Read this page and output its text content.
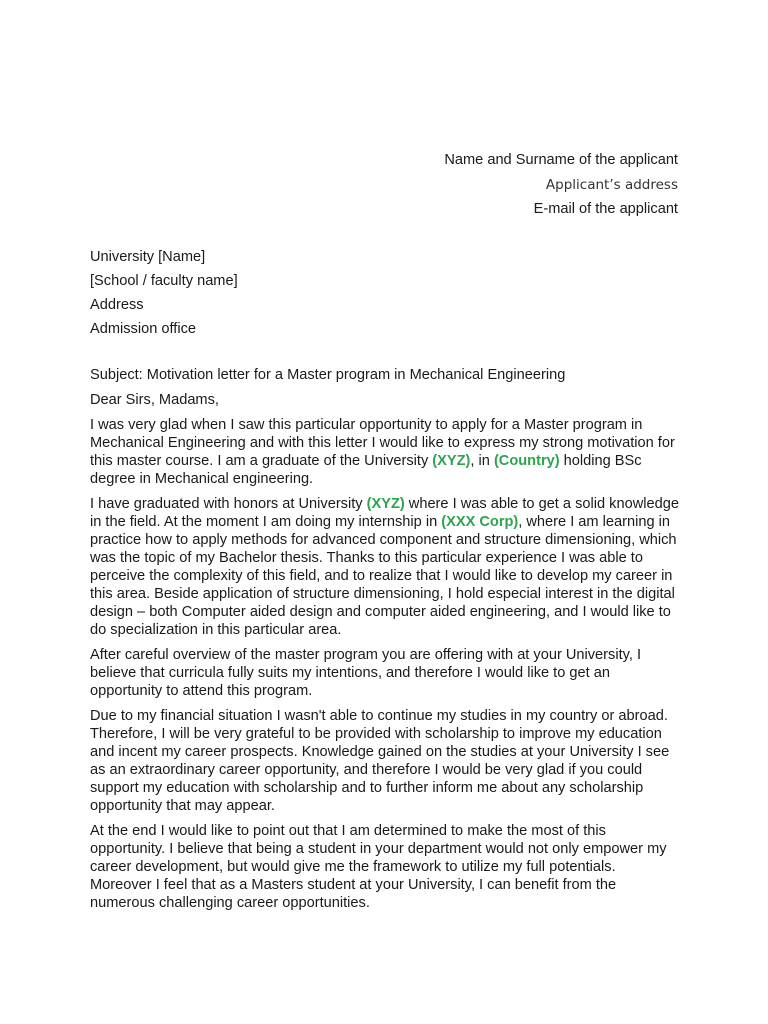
Name and Surname of the applicant
Applicant’s address
E-mail of the applicant
University [Name]
[School / faculty name]
Address
Admission office

Subject: Motivation letter for a Master program in Mechanical Engineering

Dear Sirs, Madams,

I was very glad when I saw this particular opportunity to apply for a Master program in Mechanical Engineering and with this letter I would like to express my strong motivation for this master course. I am a graduate of the University (XYZ), in (Country) holding BSc degree in Mechanical engineering.

I have graduated with honors at University (XYZ) where I was able to get a solid knowledge in the field. At the moment I am doing my internship in (XXX Corp), where I am learning in practice how to apply methods for advanced component and structure dimensioning, which was the topic of my Bachelor thesis. Thanks to this particular experience I was able to perceive the complexity of this field, and to realize that I would like to develop my career in this area. Beside application of structure dimensioning, I hold especial interest in the digital design – both Computer aided design and computer aided engineering, and I would like to do specialization in this particular area.

After careful overview of the master program you are offering with at your University, I believe that curricula fully suits my intentions, and therefore I would like to get an opportunity to attend this program.

Due to my financial situation I wasn't able to continue my studies in my country or abroad. Therefore, I will be very grateful to be provided with scholarship to improve my education and incent my career prospects. Knowledge gained on the studies at your University I see as an extraordinary career opportunity, and therefore I would be very glad if you could support my education with scholarship and to further inform me about any scholarship opportunity that may appear.

At the end I would like to point out that I am determined to make the most of this opportunity. I believe that being a student in your department would not only empower my career development, but would give me the framework to utilize my full potentials. Moreover I feel that as a Masters student at your University, I can benefit from the numerous challenging career opportunities.
